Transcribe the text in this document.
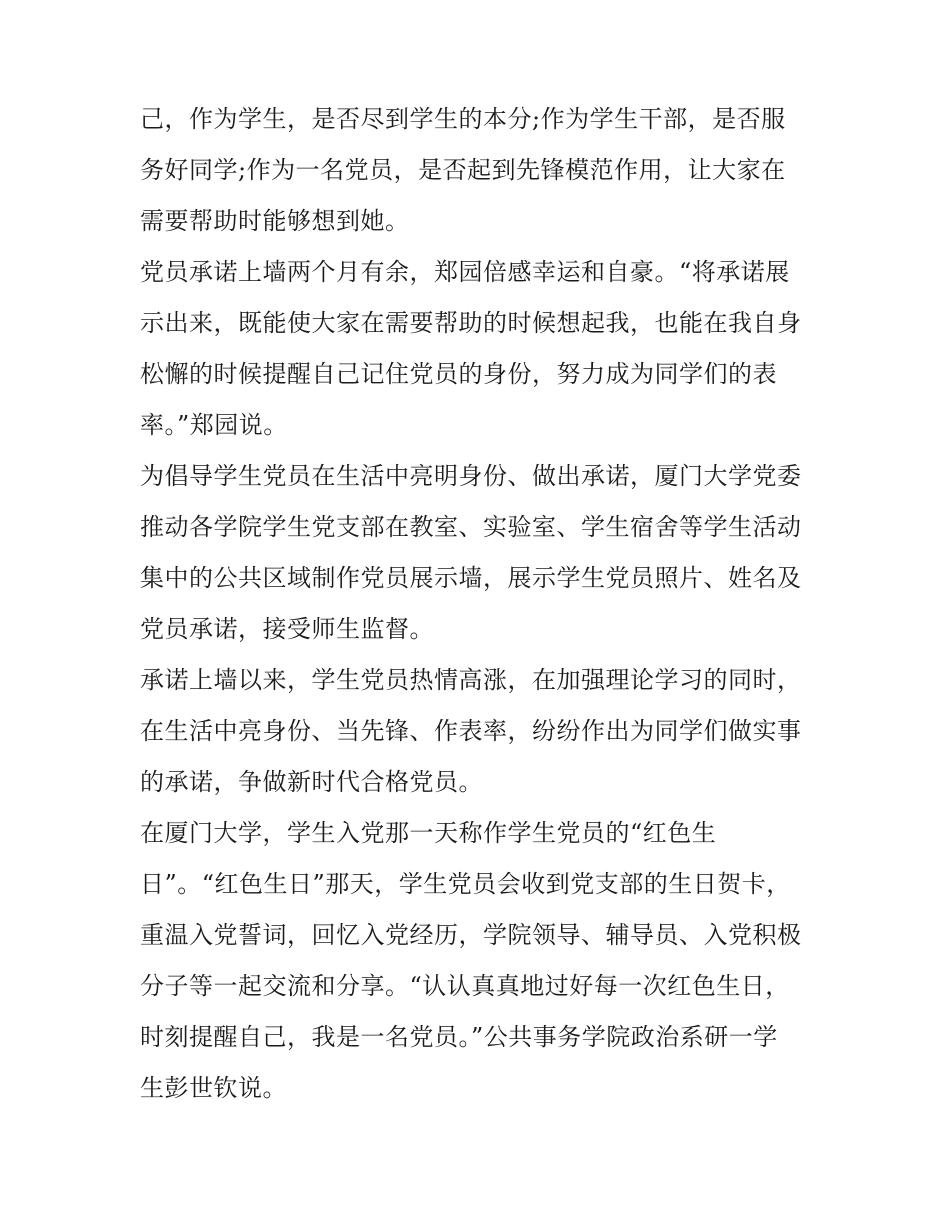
己，作为学生，是否尽到学生的本分;作为学生干部，是否服
务好同学;作为一名党员，是否起到先锋模范作用，让大家在
需要帮助时能够想到她。
党员承诺上墙两个月有余，郑园倍感幸运和自豪。“将承诺展
示出来，既能使大家在需要帮助的时候想起我，也能在我自身
松懈的时候提醒自己记住党员的身份，努力成为同学们的表
率。”郑园说。
为倡导学生党员在生活中亮明身份、做出承诺，厦门大学党委
推动各学院学生党支部在教室、实验室、学生宿舍等学生活动
集中的公共区域制作党员展示墙，展示学生党员照片、姓名及
党员承诺，接受师生监督。
承诺上墙以来，学生党员热情高涨，在加强理论学习的同时，
在生活中亮身份、当先锋、作表率，纷纷作出为同学们做实事
的承诺，争做新时代合格党员。
在厦门大学，学生入党那一天称作学生党员的“红色生
日”。“红色生日”那天，学生党员会收到党支部的生日贺卡，
重温入党誓词，回忆入党经历，学院领导、辅导员、入党积极
分子等一起交流和分享。“认认真真地过好每一次红色生日，
时刻提醒自己，我是一名党员。”公共事务学院政治系研一学
生彭世钦说。
